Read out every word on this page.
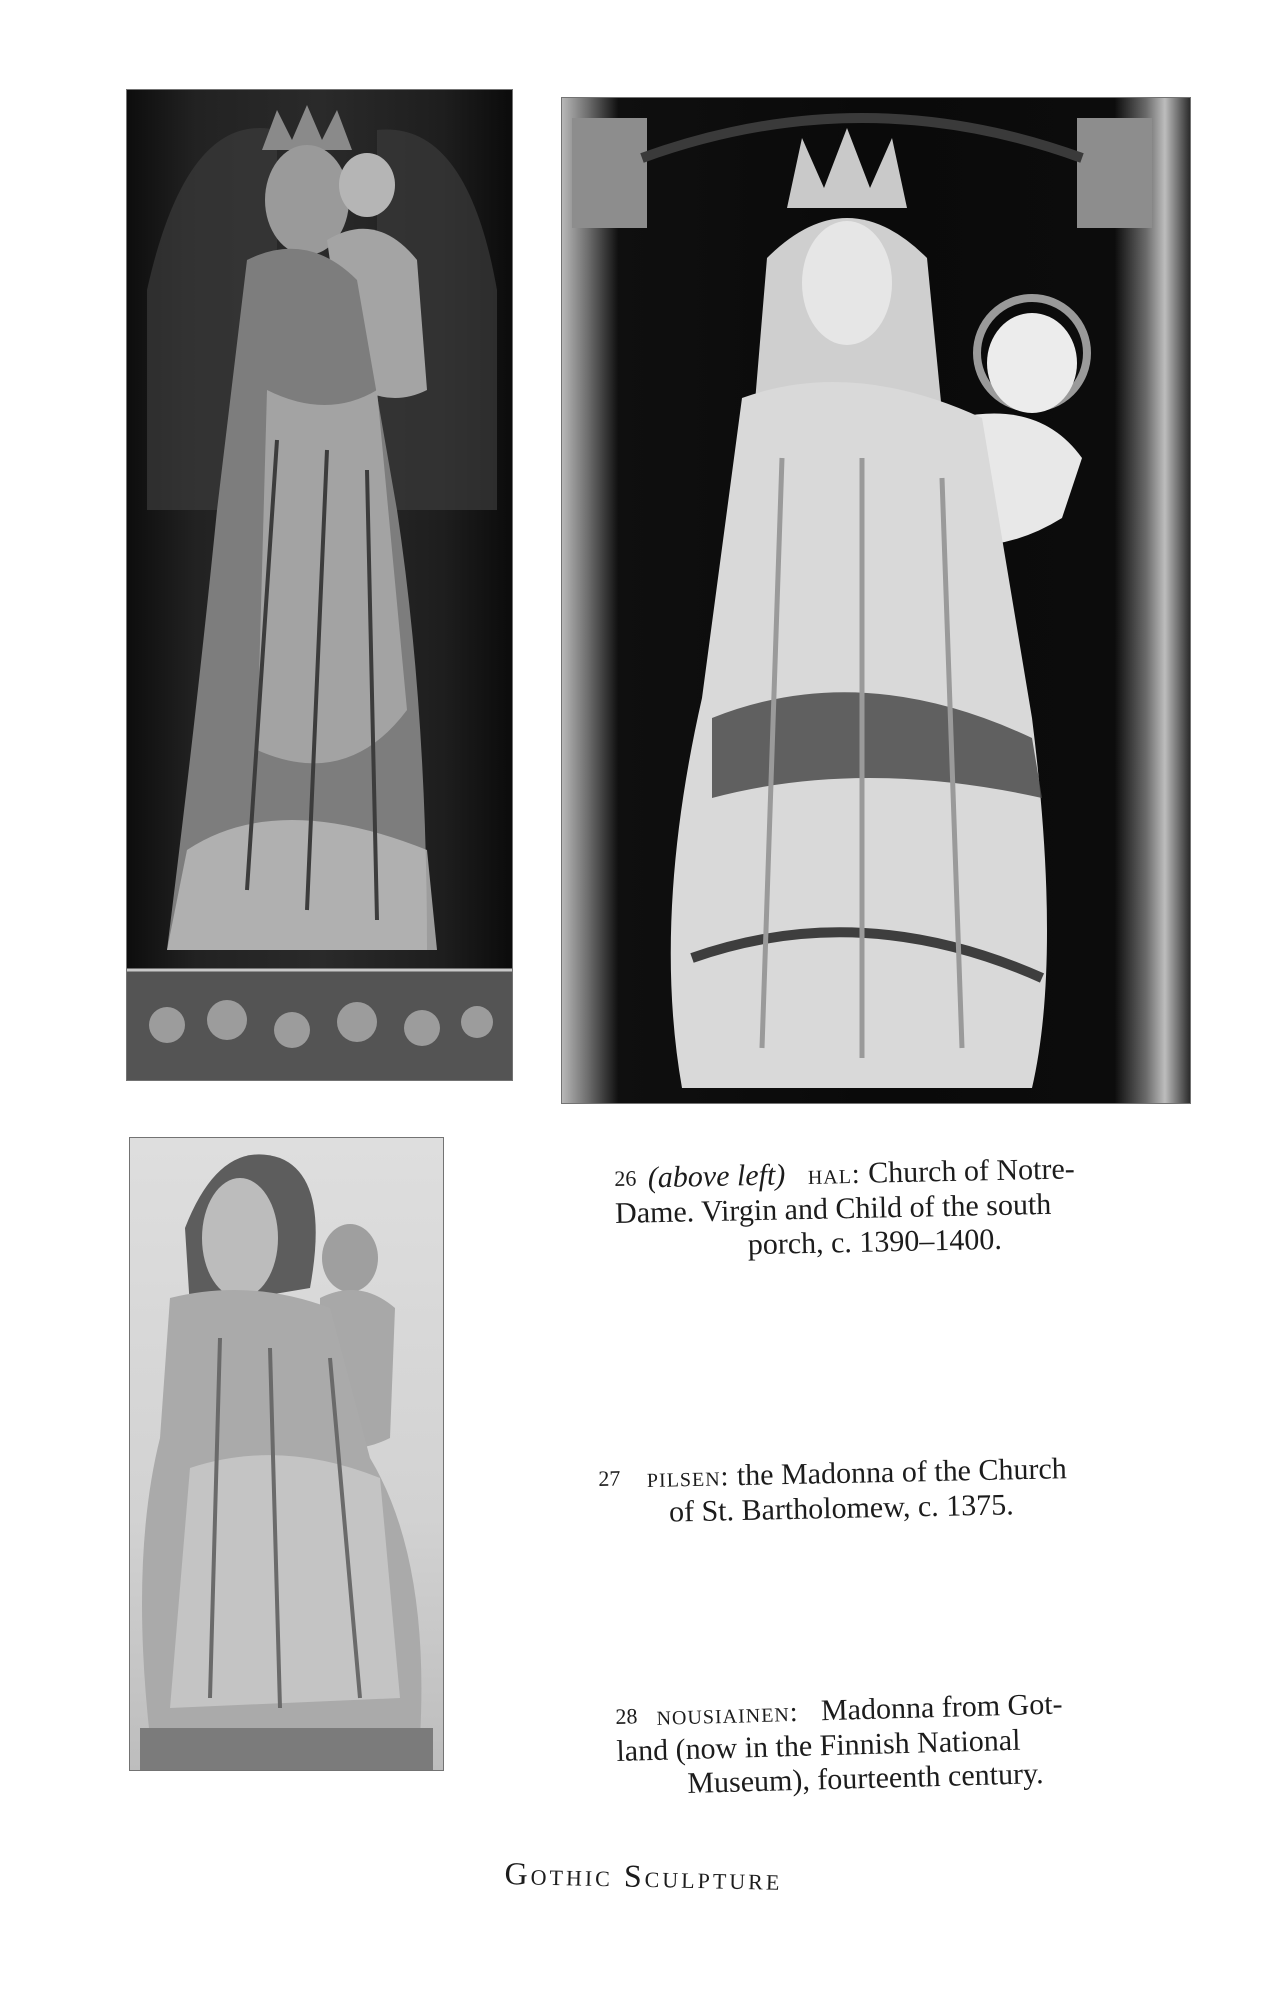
26 (above left) hal: Church of Notre-
Dame. Virgin and Child of the south
porch, c. 1390–1400.
27 pilsen: the Madonna of the Church
of St. Bartholomew, c. 1375.
28 nousiainen: Madonna from Got-
land (now in the Finnish National
Museum), fourteenth century.
Gothic Sculpture
